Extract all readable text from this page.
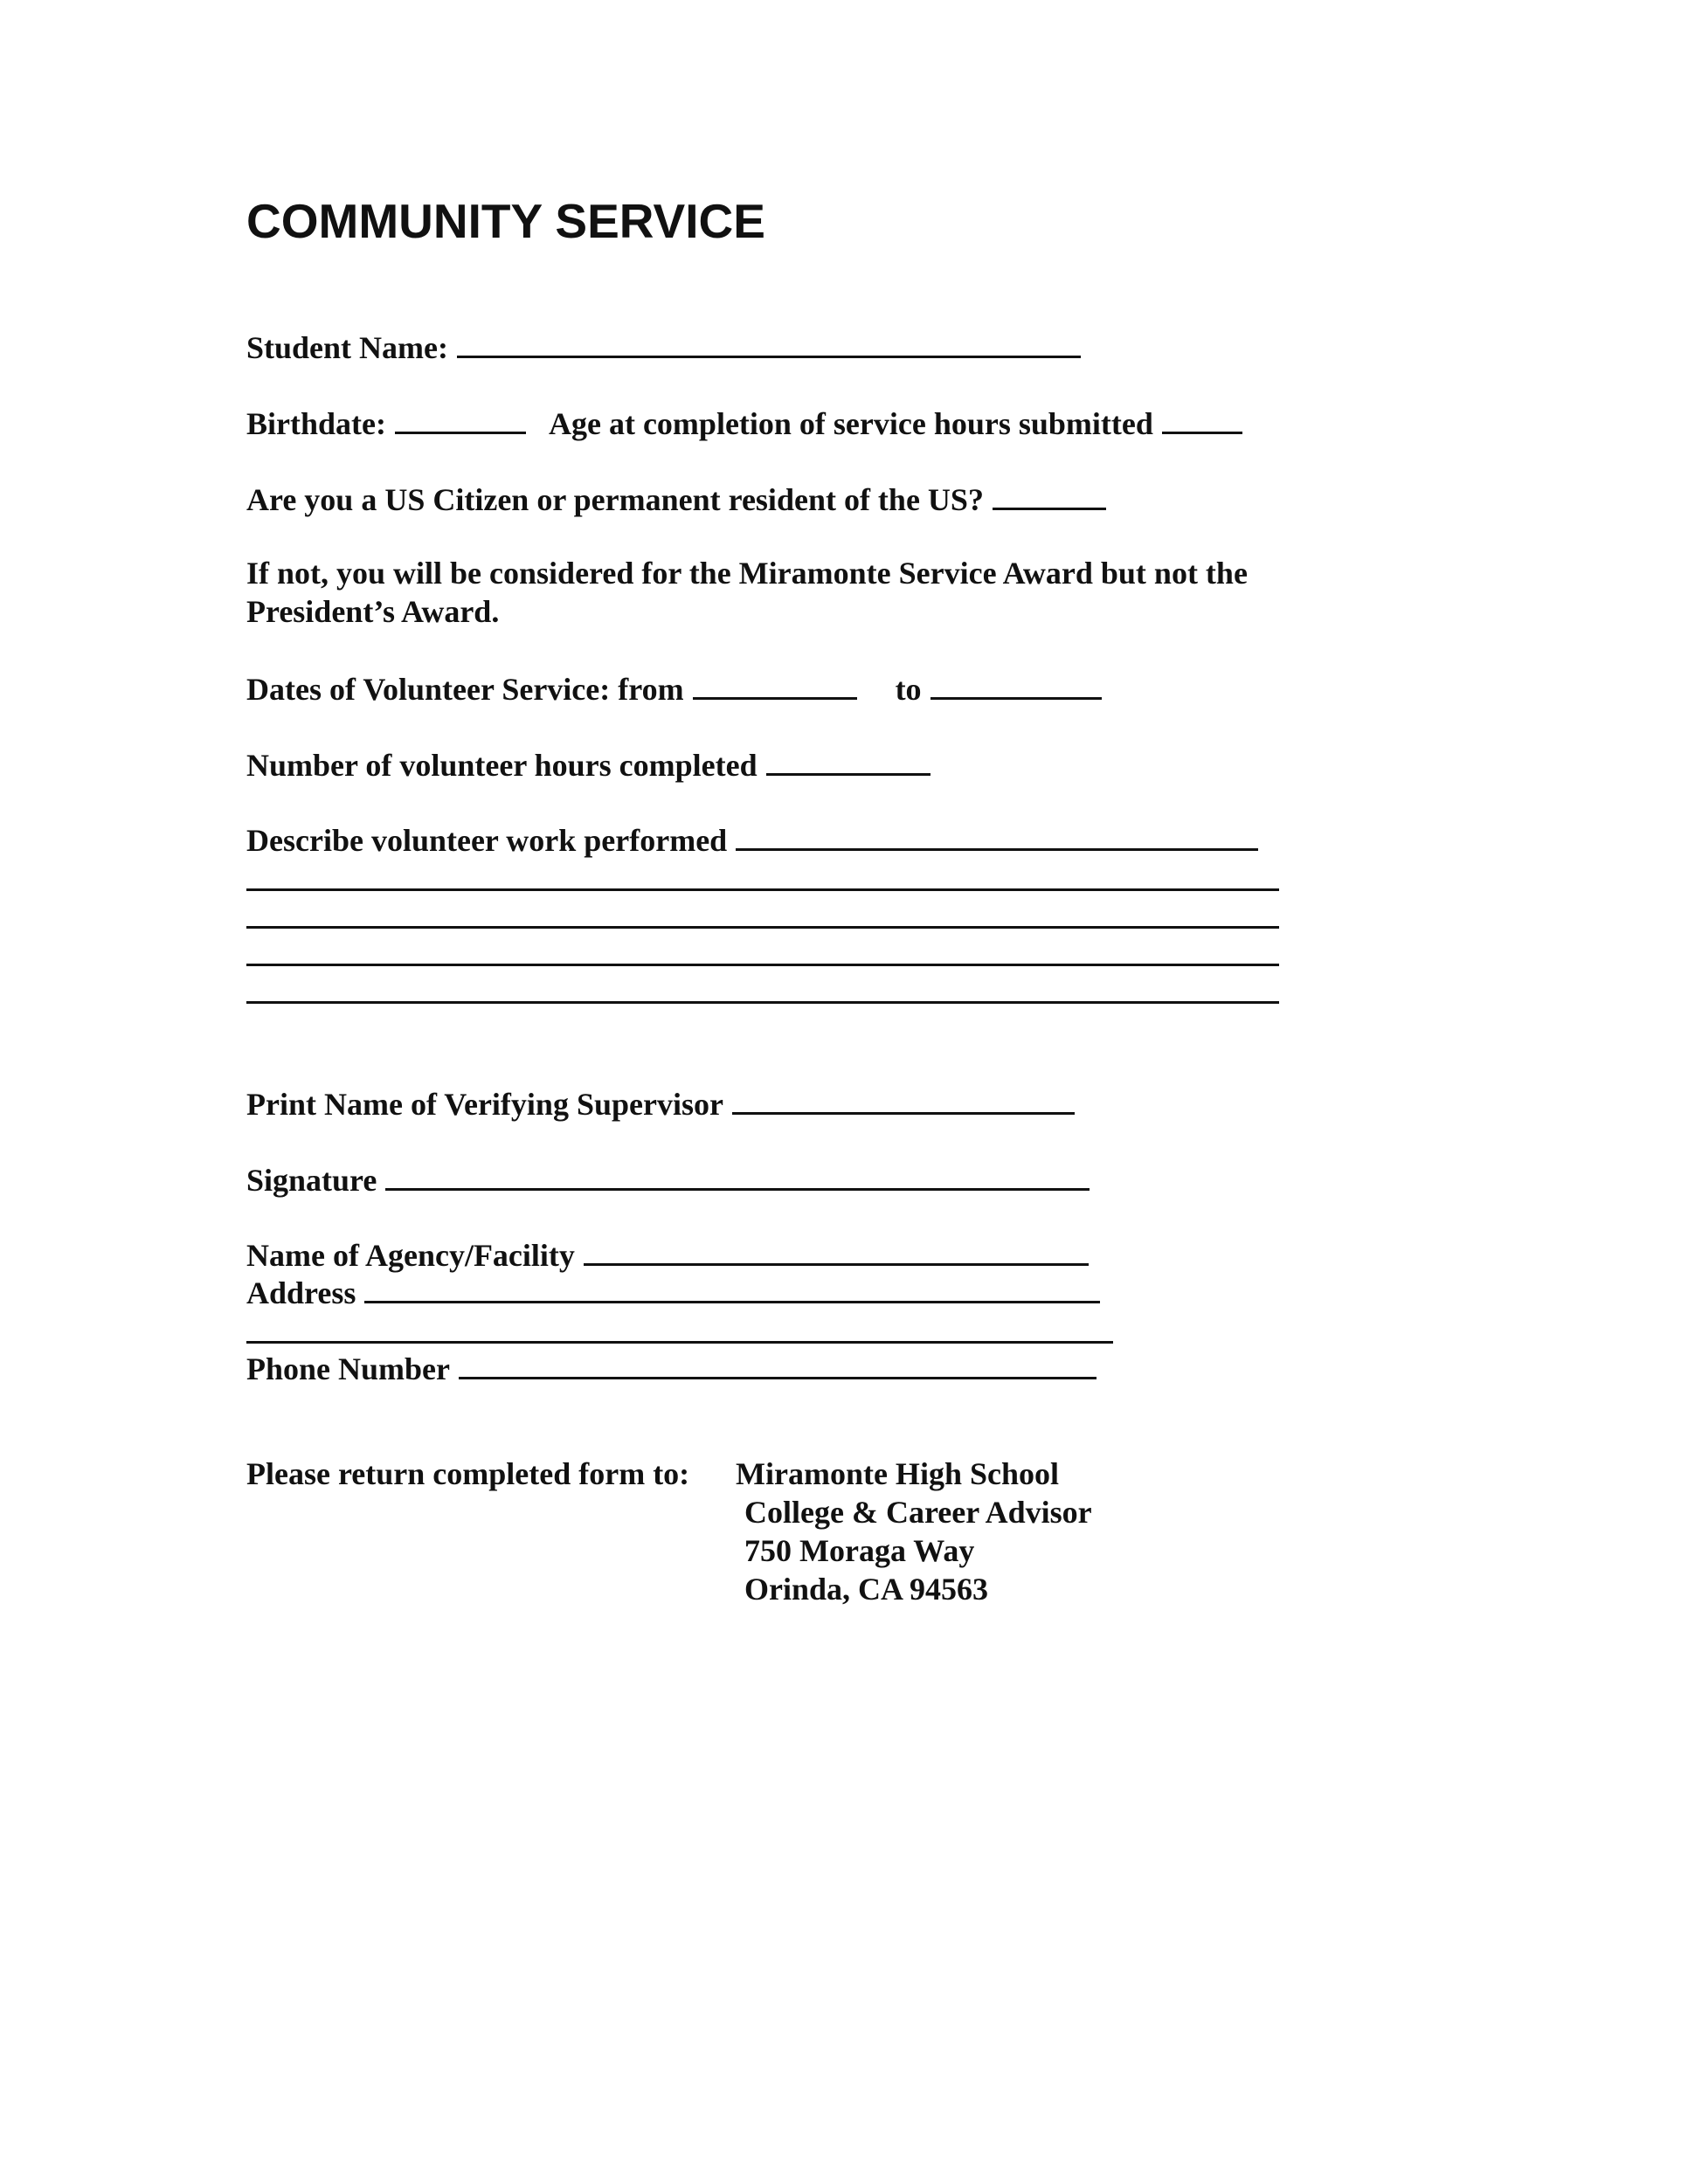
COMMUNITY SERVICE
Student Name:
Birthdate:	Age at completion of service hours submitted
Are you a US Citizen or permanent resident of the US?
If not, you will be considered for the Miramonte Service Award but not the
President’s Award.
Dates of Volunteer Service: from	to
Number of volunteer hours completed
Describe volunteer work performed
Print Name of Verifying Supervisor
Signature
Name of Agency/Facility
Address
Phone Number
Please return completed form to: Miramonte High School
College & Career Advisor
750 Moraga Way
Orinda, CA 94563
